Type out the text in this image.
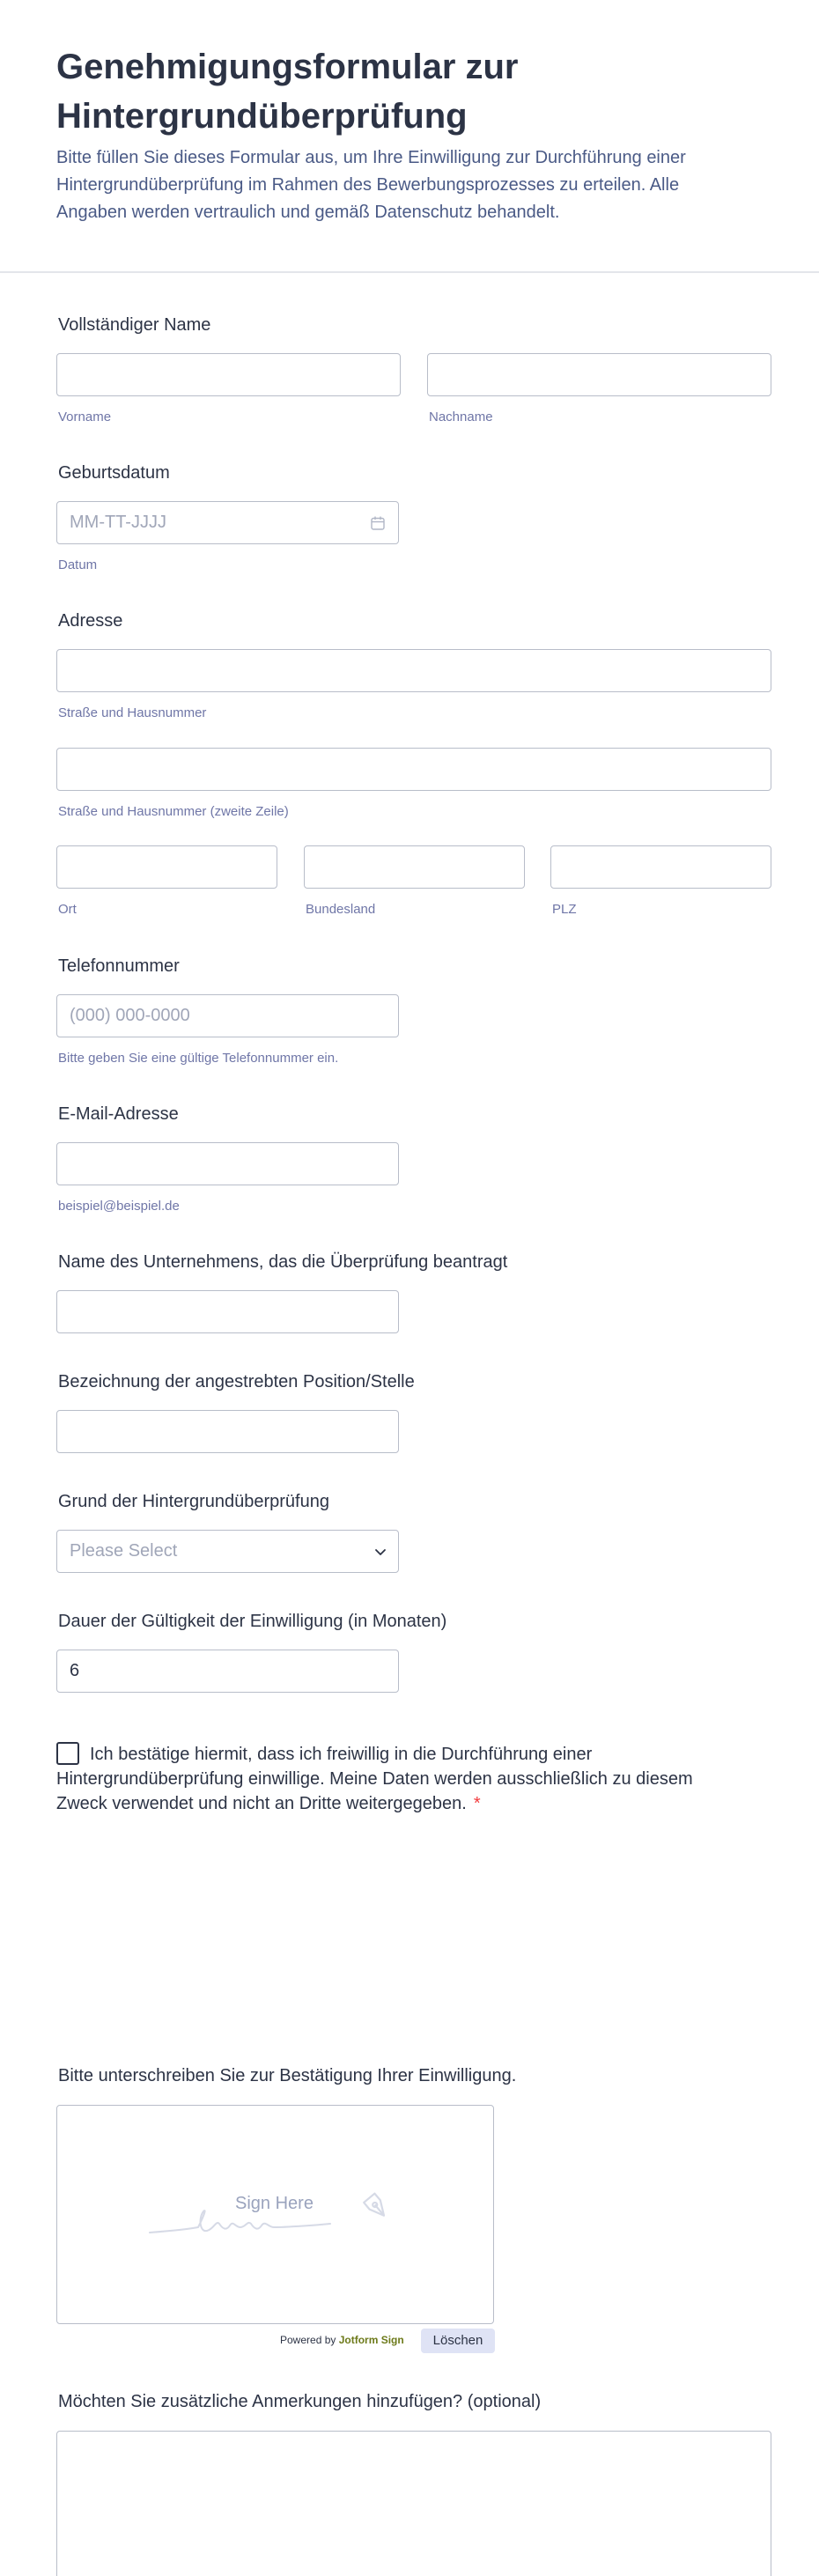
Genehmigungsformular zur Hintergrundüberprüfung

Bitte füllen Sie dieses Formular aus, um Ihre Einwilligung zur Durchführung einer Hintergrundüberprüfung im Rahmen des Bewerbungsprozesses zu erteilen. Alle Angaben werden vertraulich und gemäß Datenschutz behandelt.

Vollständiger Name
Vorname	Nachname
Geburtsdatum
MM-TT-JJJJ
Datum
Adresse
Straße und Hausnummer
Straße und Hausnummer (zweite Zeile)
Ort	Bundesland	PLZ
Telefonnummer
(000) 000-0000
Bitte geben Sie eine gültige Telefonnummer ein.
E-Mail-Adresse
beispiel@beispiel.de
Name des Unternehmens, das die Überprüfung beantragt
Bezeichnung der angestrebten Position/Stelle
Grund der Hintergrundüberprüfung
Please Select
Dauer der Gültigkeit der Einwilligung (in Monaten)
6
Ich bestätige hiermit, dass ich freiwillig in die Durchführung einer Hintergrundüberprüfung einwillige. Meine Daten werden ausschließlich zu diesem Zweck verwendet und nicht an Dritte weitergegeben. *
Bitte unterschreiben Sie zur Bestätigung Ihrer Einwilligung.
Sign Here
Powered by Jotform Sign	Löschen
Möchten Sie zusätzliche Anmerkungen hinzufügen? (optional)
